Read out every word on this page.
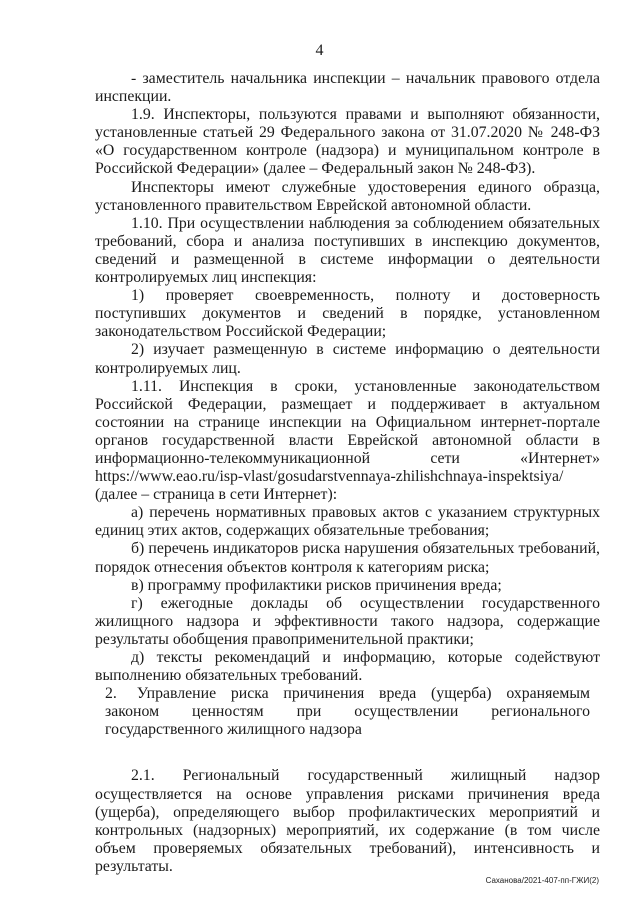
4

- заместитель начальника инспекции – начальник правового отдела инспекции.

1.9. Инспекторы, пользуются правами и выполняют обязанности, установленные статьей 29 Федерального закона от 31.07.2020 № 248-ФЗ «О государственном контроле (надзора) и муниципальном контроле в Российской Федерации» (далее – Федеральный закон № 248-ФЗ).

Инспекторы имеют служебные удостоверения единого образца, установленного правительством Еврейской автономной области.

1.10. При осуществлении наблюдения за соблюдением обязательных требований, сбора и анализа поступивших в инспекцию документов, сведений и размещенной в системе информации о деятельности контролируемых лиц инспекция:

1) проверяет своевременность, полноту и достоверность поступивших документов и сведений в порядке, установленном законодательством Российской Федерации;

2) изучает размещенную в системе информацию о деятельности контролируемых лиц.

1.11. Инспекция в сроки, установленные законодательством Российской Федерации, размещает и поддерживает в актуальном состоянии на странице инспекции на Официальном интернет-портале органов государственной власти Еврейской автономной области в информационно-телекоммуникационной сети «Интернет» https://www.eao.ru/isp-vlast/gosudarstvennaya-zhilishchnaya-inspektsiya/ (далее – страница в сети Интернет):

а) перечень нормативных правовых актов с указанием структурных единиц этих актов, содержащих обязательные требования;

б) перечень индикаторов риска нарушения обязательных требований, порядок отнесения объектов контроля к категориям риска;

в) программу профилактики рисков причинения вреда;

г) ежегодные доклады об осуществлении государственного жилищного надзора и эффективности такого надзора, содержащие результаты обобщения правоприменительной практики;

д) тексты рекомендаций и информацию, которые содействуют выполнению обязательных требований.

2. Управление риска причинения вреда (ущерба) охраняемым законом ценностям при осуществлении регионального государственного жилищного надзора

2.1. Региональный государственный жилищный надзор осуществляется на основе управления рисками причинения вреда (ущерба), определяющего выбор профилактических мероприятий и контрольных (надзорных) мероприятий, их содержание (в том числе объем проверяемых обязательных требований), интенсивность и результаты.

Саханова/2021-407-пп-ГЖИ(2)
